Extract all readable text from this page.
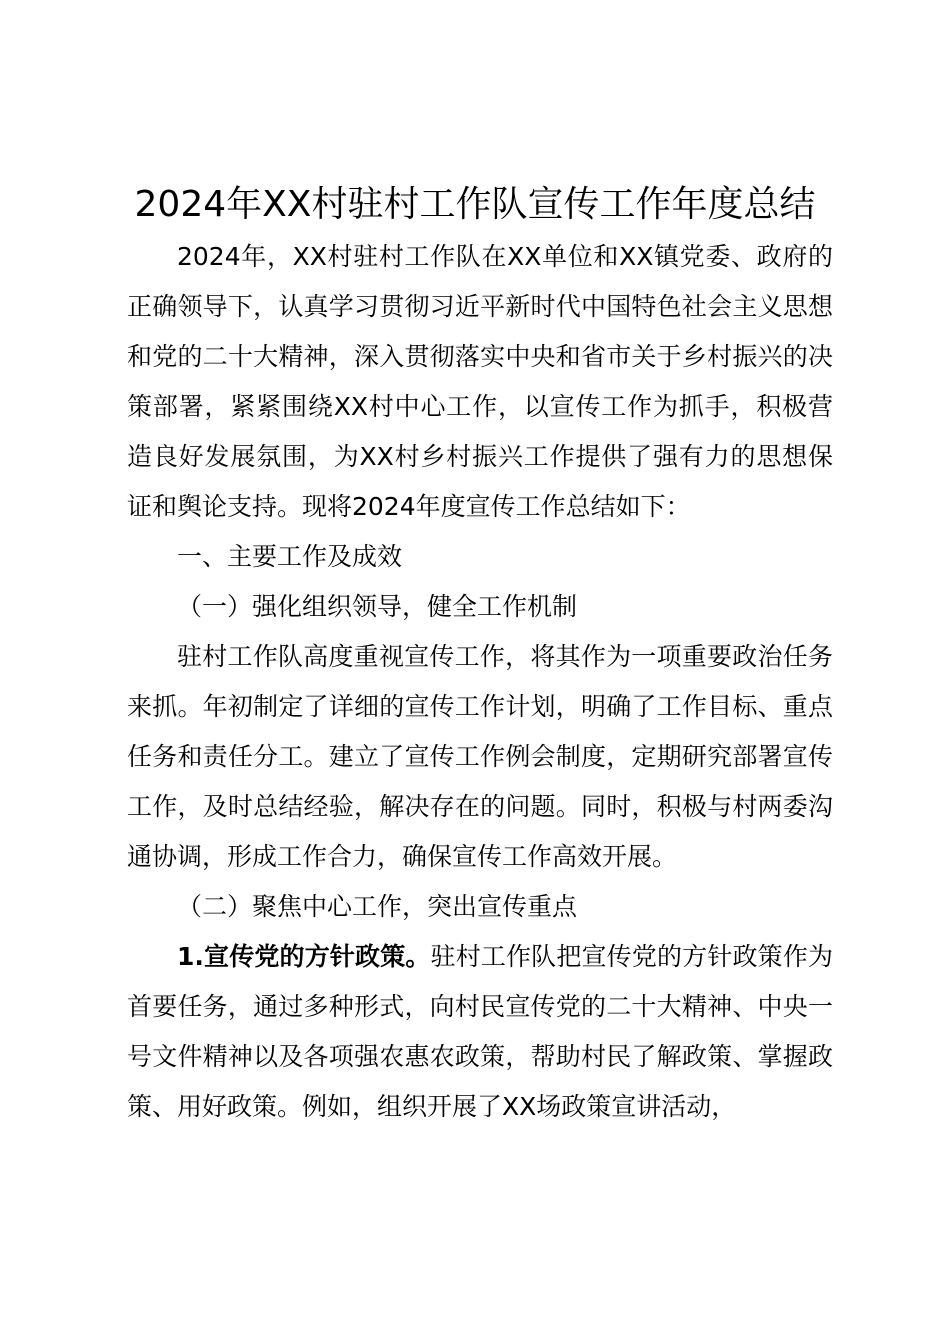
2024年XX村驻村工作队宣传工作年度总结

2024年，XX村驻村工作队在XX单位和XX镇党委、政府的正确领导下，认真学习贯彻习近平新时代中国特色社会主义思想和党的二十大精神，深入贯彻落实中央和省市关于乡村振兴的决策部署，紧紧围绕XX村中心工作，以宣传工作为抓手，积极营造良好发展氛围，为XX村乡村振兴工作提供了强有力的思想保证和舆论支持。现将2024年度宣传工作总结如下：

一、主要工作及成效

（一）强化组织领导，健全工作机制

驻村工作队高度重视宣传工作，将其作为一项重要政治任务来抓。年初制定了详细的宣传工作计划，明确了工作目标、重点任务和责任分工。建立了宣传工作例会制度，定期研究部署宣传工作，及时总结经验，解决存在的问题。同时，积极与村两委沟通协调，形成工作合力，确保宣传工作高效开展。

（二）聚焦中心工作，突出宣传重点

1.宣传党的方针政策。驻村工作队把宣传党的方针政策作为首要任务，通过多种形式，向村民宣传党的二十大精神、中央一号文件精神以及各项强农惠农政策，帮助村民了解政策、掌握政策、用好政策。例如，组织开展了XX场政策宣讲活动，
